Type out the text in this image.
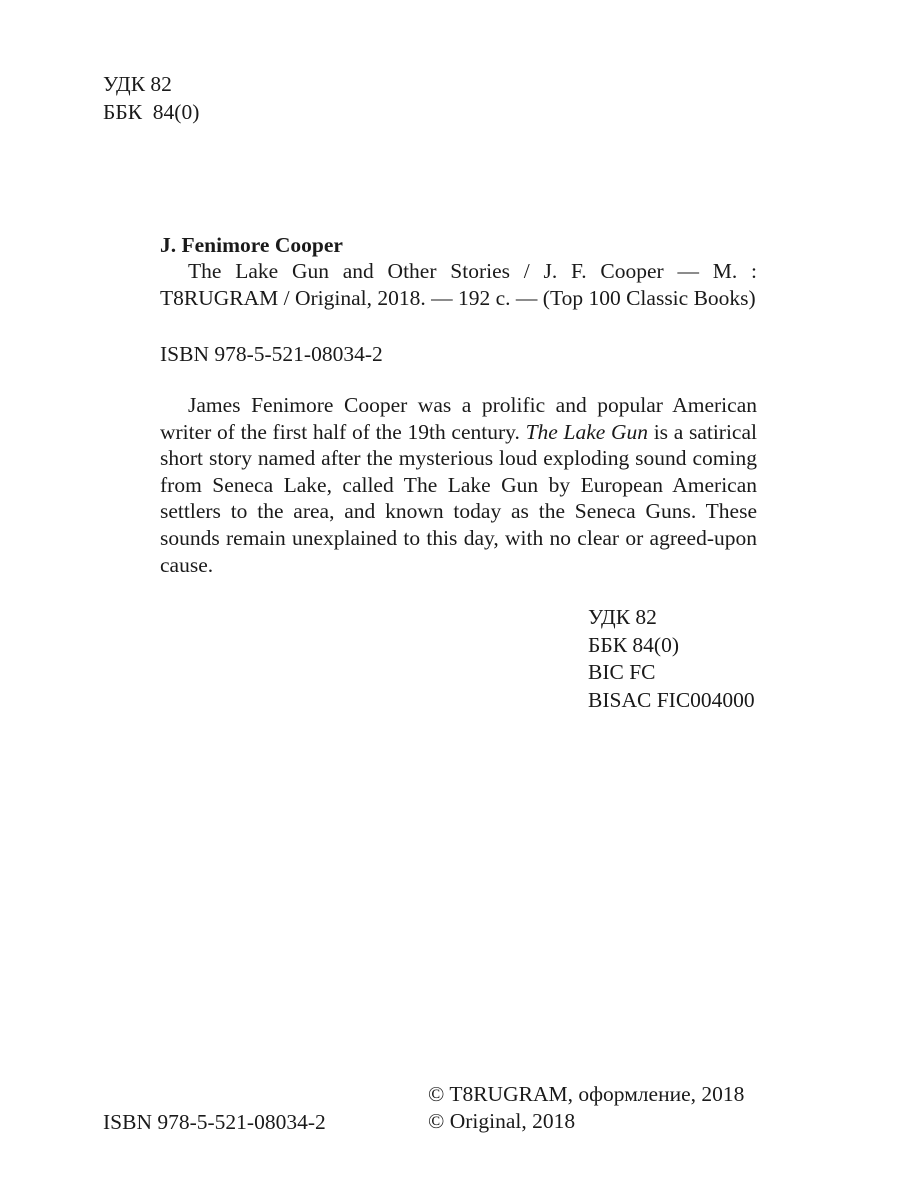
УДК 82
ББК  84(0)
J. Fenimore Cooper

The Lake Gun and Other Stories / J. F. Cooper — M. : T8RUGRAM / Original, 2018. — 192 с. — (Top 100 Classic Books)

ISBN 978-5-521-08034-2

James Fenimore Cooper was a prolific and popular American writer of the first half of the 19th century. The Lake Gun is a satirical short story named after the mysterious loud exploding sound coming from Seneca Lake, called The Lake Gun by European American settlers to the area, and known today as the Seneca Guns. These sounds remain unexplained to this day, with no clear or agreed-upon cause.

УДК 82
ББК 84(0)
BIC FC
BISAC FIC004000
© T8RUGRAM, оформление, 2018
© Original, 2018
ISBN 978-5-521-08034-2
